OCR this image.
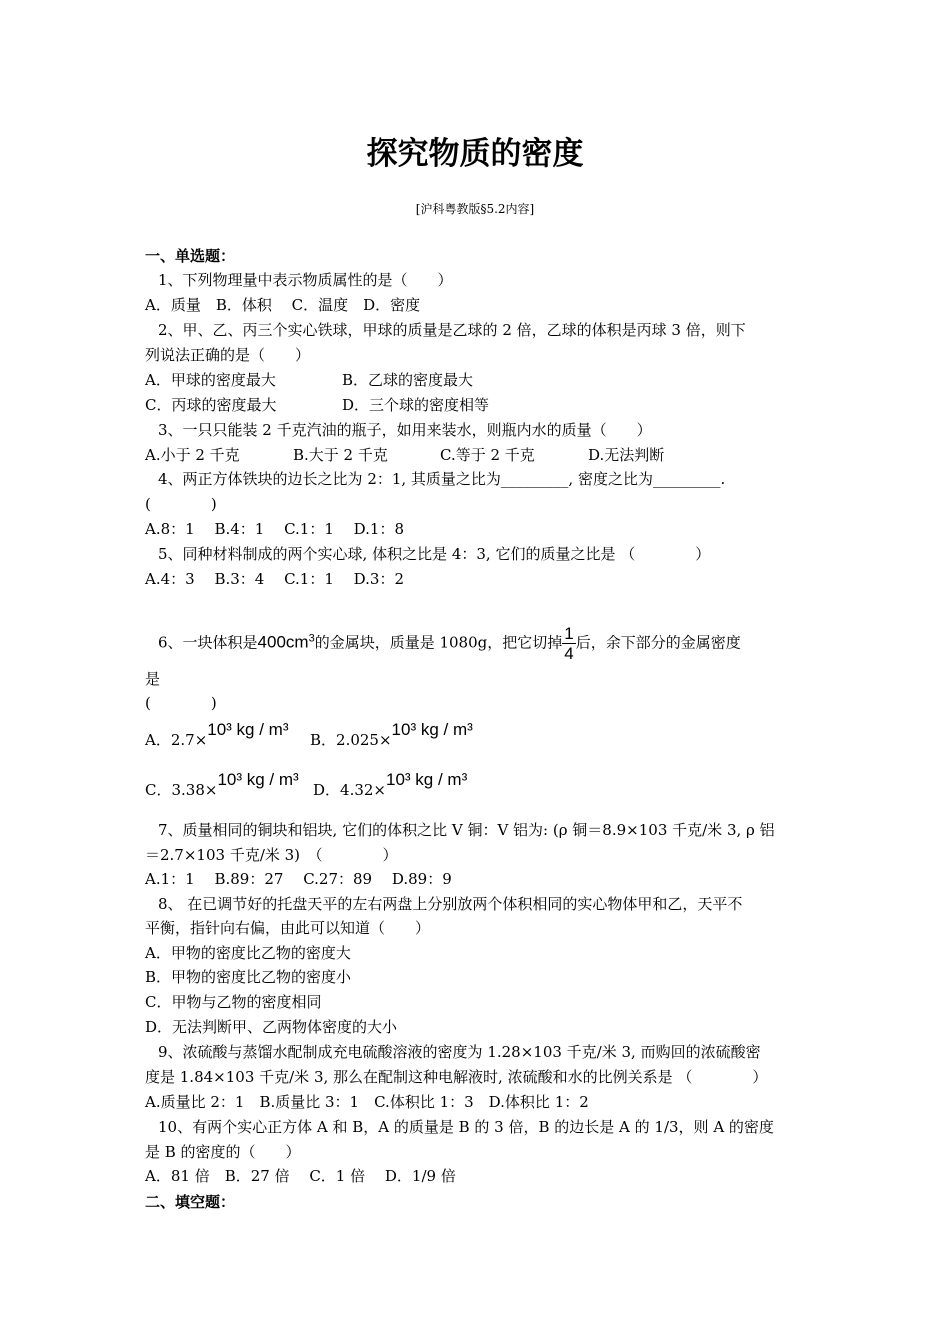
探究物质的密度
[沪科粤教版§5.2内容]
一、单选题：
1、下列物理量中表示物质属性的是（　　）
A．质量　B．体积　 C．温度　D．密度
2、甲、乙、丙三个实心铁球，甲球的质量是乙球的 2 倍，乙球的体积是丙球 3 倍，则下
列说法正确的是（　　）
A．甲球的密度最大	B．乙球的密度最大
C．丙球的密度最大	D．三个球的密度相等
3、一只只能装 2 千克汽油的瓶子，如用来装水，则瓶内水的质量（　　）
A.小于 2 千克	B.大于 2 千克	C.等于 2 千克	D.无法判断
4、两正方体铁块的边长之比为 2：1, 其质量之比为_________, 密度之比为_________.
(　　　　)
A.8：1　 B.4：1　 C.1：1　 D.1：8
5、同种材料制成的两个实心球, 体积之比是 4：3, 它们的质量之比是 （　　　　）
A.4：3　 B.3：4　 C.1：1　 D.3：2
6、一块体积是$400cm^3$的金属块，质量是 1080g，把它切掉 $\frac{1}{4}$ 后，余下部分的金属密度
是
(　　　　)
A．2.7×10³ kg / m³
B．2.025×10³ kg / m³
C．3.38×10³ kg / m³
D．4.32×10³ kg / m³
7、质量相同的铜块和铝块, 它们的体积之比 V 铜：V 铝为: (ρ 铜＝8.9×103 千克/米 3, ρ 铝
＝2.7×103 千克/米 3)　（　　　　）
A.1：1　 B.89：27　 C.27：89　 D.89：9
8、 在已调节好的托盘天平的左右两盘上分别放两个体积相同的实心物体甲和乙，天平不
平衡，指针向右偏，由此可以知道（　　）
A．甲物的密度比乙物的密度大
B．甲物的密度比乙物的密度小
C．甲物与乙物的密度相同
D．无法判断甲、乙两物体密度的大小
9、浓硫酸与蒸馏水配制成充电硫酸溶液的密度为 1.28×103 千克/米 3, 而购回的浓硫酸密
度是 1.84×103 千克/米 3, 那么在配制这种电解液时, 浓硫酸和水的比例关系是 （　　　　）
A.质量比 2：1　B.质量比 3：1　C.体积比 1：3　D.体积比 1：2
10、有两个实心正方体 A 和 B，A 的质量是 B 的 3 倍，B 的边长是 A 的 1/3，则 A 的密度
是 B 的密度的（　　）
A．81 倍　B．27 倍　 C．1 倍　 D．1/9 倍
二、填空题：
